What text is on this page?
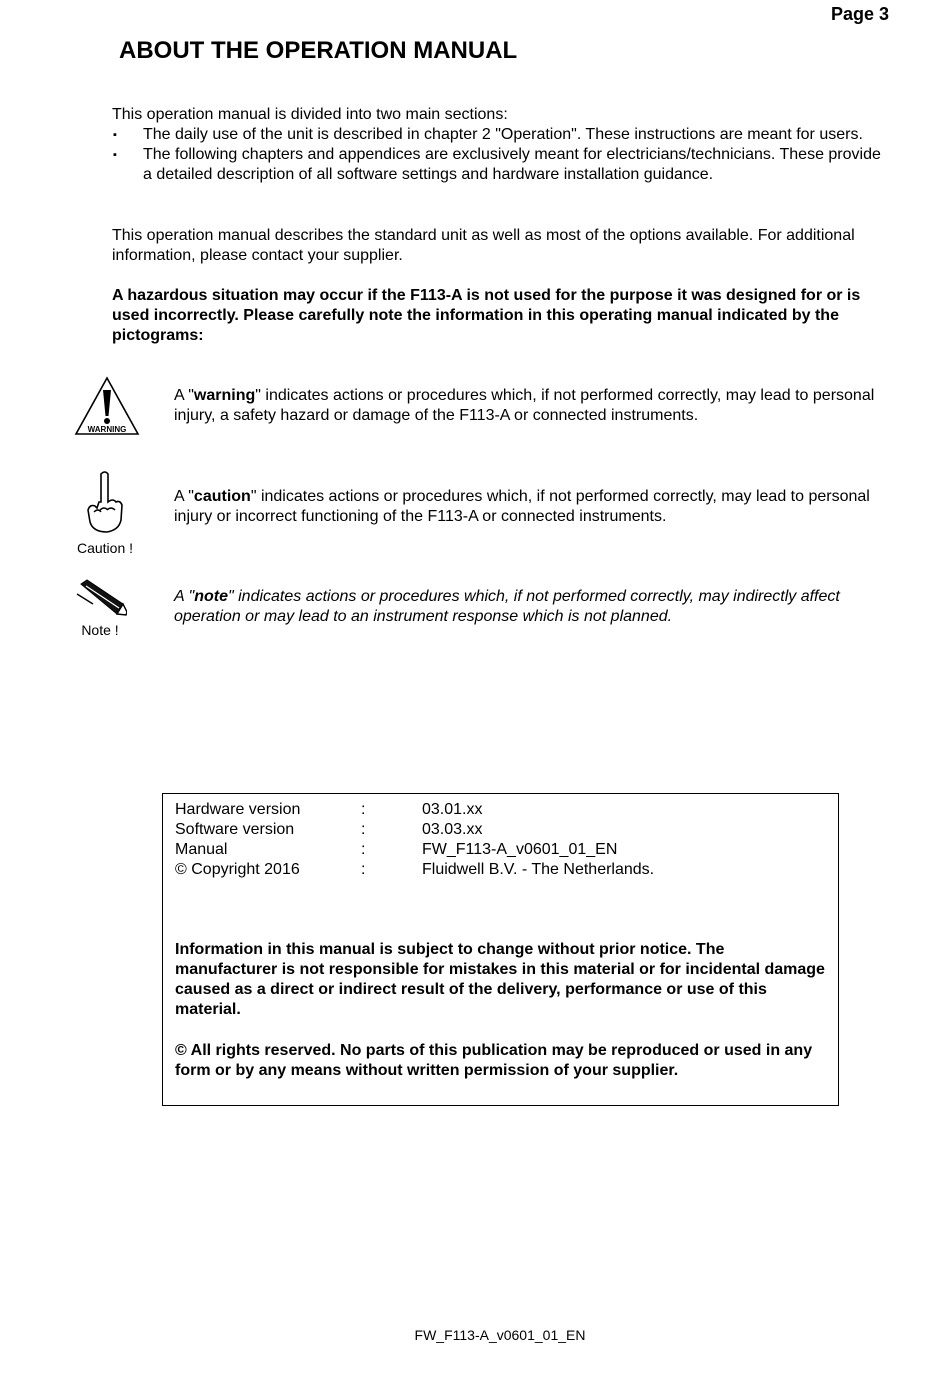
Page 3
ABOUT THE OPERATION MANUAL
This operation manual is divided into two main sections:
▪ The daily use of the unit is described in chapter 2 "Operation". These instructions are meant for users.
▪ The following chapters and appendices are exclusively meant for electricians/technicians. These provide a detailed description of all software settings and hardware installation guidance.
This operation manual describes the standard unit as well as most of the options available. For additional information, please contact your supplier.
A hazardous situation may occur if the F113-A is not used for the purpose it was designed for or is used incorrectly. Please carefully note the information in this operating manual indicated by the pictograms:
WARNING
A "warning" indicates actions or procedures which, if not performed correctly, may lead to personal injury, a safety hazard or damage of the F113-A or connected instruments.
Caution !
A "caution" indicates actions or procedures which, if not performed correctly, may lead to personal injury or incorrect functioning of the F113-A or connected instruments.
Note !
A "note" indicates actions or procedures which, if not performed correctly, may indirectly affect operation or may lead to an instrument response which is not planned.
Hardware version	:	03.01.xx
Software version	:	03.03.xx
Manual	:	FW_F113-A_v0601_01_EN
© Copyright 2016	:	Fluidwell B.V. - The Netherlands.
Information in this manual is subject to change without prior notice. The manufacturer is not responsible for mistakes in this material or for incidental damage caused as a direct or indirect result of the delivery, performance or use of this material.
© All rights reserved. No parts of this publication may be reproduced or used in any form or by any means without written permission of your supplier.
FW_F113-A_v0601_01_EN
